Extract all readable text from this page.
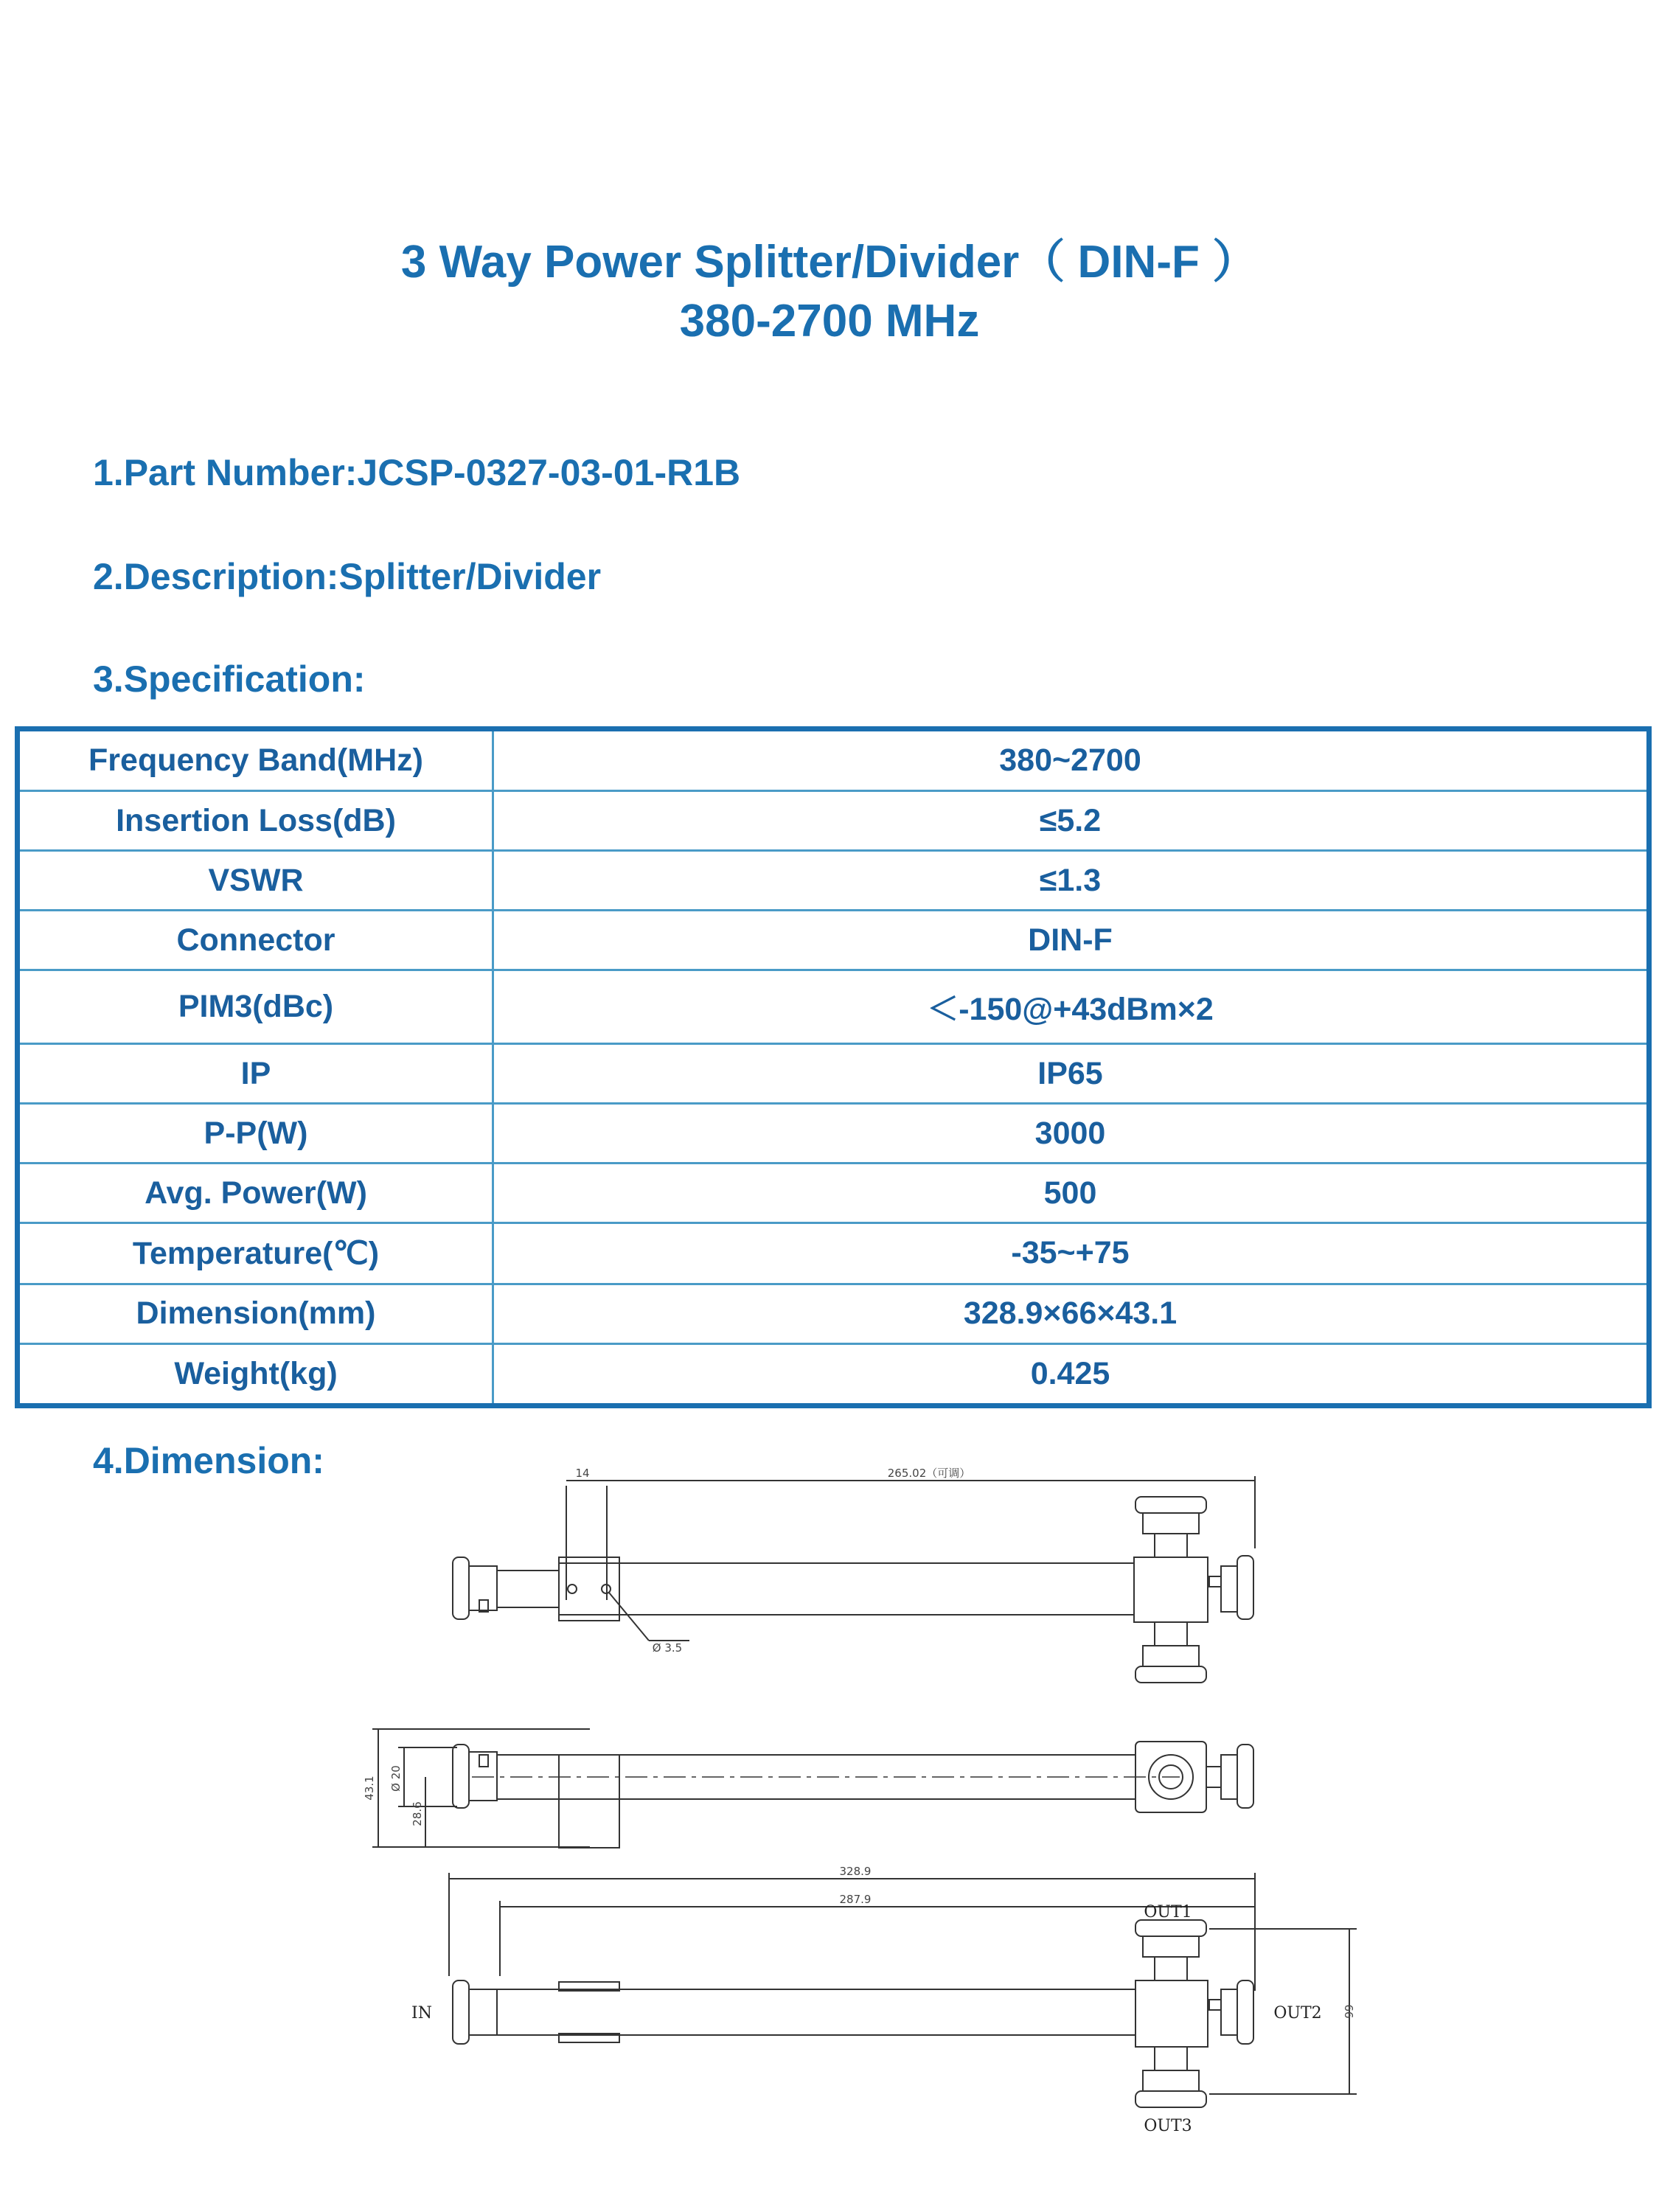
3 Way Power Splitter/Divider（ DIN-F ）
380-2700 MHz

1.Part Number:JCSP-0327-03-01-R1B

2.Description:Splitter/Divider

3.Specification:

Frequency Band(MHz)	380~2700
Insertion Loss(dB)	≤5.2
VSWR	≤1.3
Connector	DIN-F
PIM3(dBc)	＜-150@+43dBm×2
IP	IP65
P-P(W)	3000
Avg. Power(W)	500
Temperature(℃)	-35~+75
Dimension(mm)	328.9×66×43.1
Weight(kg)	0.425

4.Dimension:	14	265.02（可调）
Ø 3.5
43.1 Ø 20
28.6
328.9
287.9
66
IN
OUT1
OUT2
OUT3
